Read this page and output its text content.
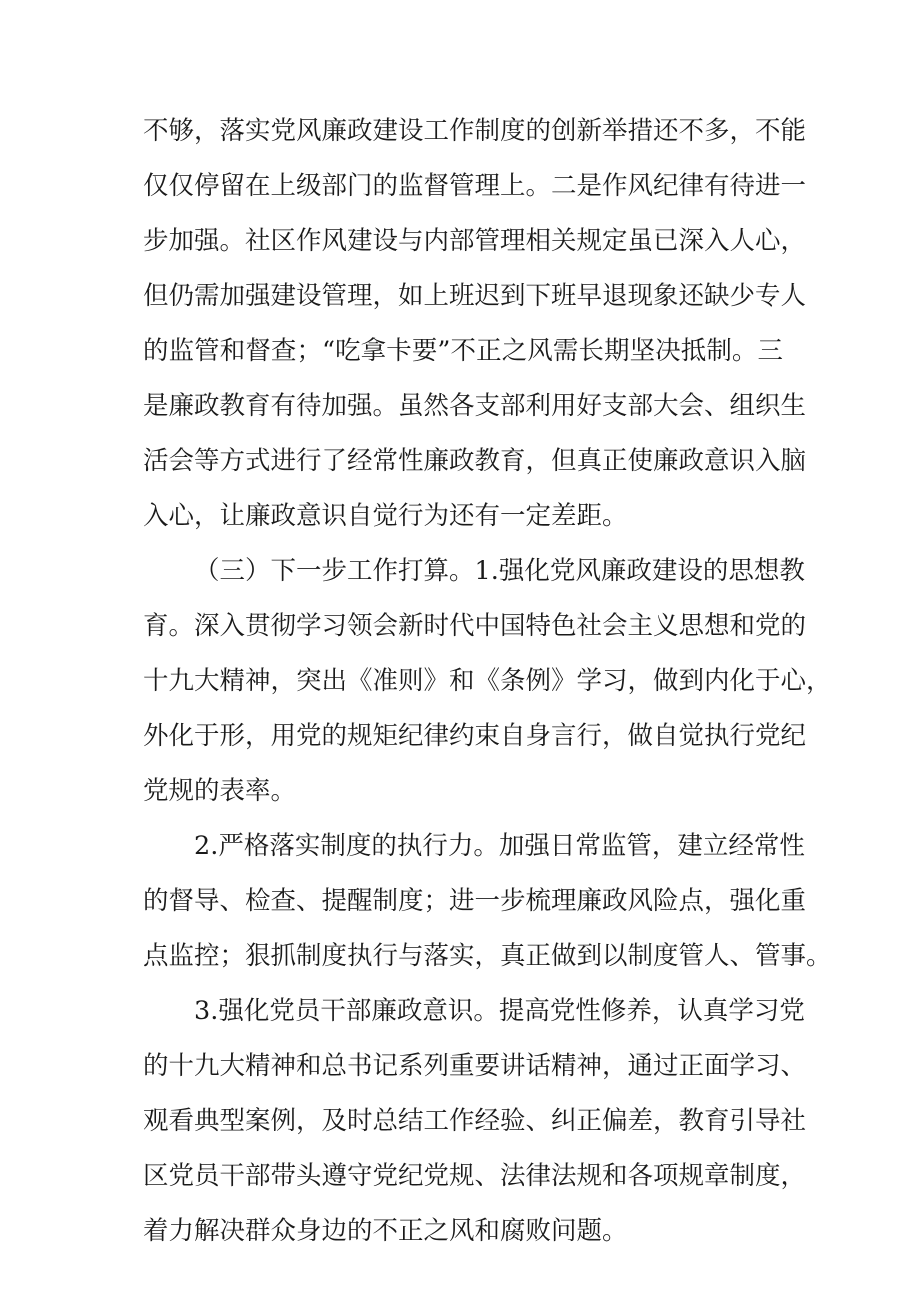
不够，落实党风廉政建设工作制度的创新举措还不多，不能
仅仅停留在上级部门的监督管理上。二是作风纪律有待进一
步加强。社区作风建设与内部管理相关规定虽已深入人心，
但仍需加强建设管理，如上班迟到下班早退现象还缺少专人
的监管和督查；“吃拿卡要”不正之风需长期坚决抵制。三
是廉政教育有待加强。虽然各支部利用好支部大会、组织生
活会等方式进行了经常性廉政教育，但真正使廉政意识入脑
入心，让廉政意识自觉行为还有一定差距。
（三）下一步工作打算。1.强化党风廉政建设的思想教
育。深入贯彻学习领会新时代中国特色社会主义思想和党的
十九大精神，突出《准则》和《条例》学习，做到内化于心，
外化于形，用党的规矩纪律约束自身言行，做自觉执行党纪
党规的表率。
2.严格落实制度的执行力。加强日常监管，建立经常性
的督导、检查、提醒制度；进一步梳理廉政风险点，强化重
点监控；狠抓制度执行与落实，真正做到以制度管人、管事。
3.强化党员干部廉政意识。提高党性修养，认真学习党
的十九大精神和总书记系列重要讲话精神，通过正面学习、
观看典型案例，及时总结工作经验、纠正偏差，教育引导社
区党员干部带头遵守党纪党规、法律法规和各项规章制度，
着力解决群众身边的不正之风和腐败问题。
